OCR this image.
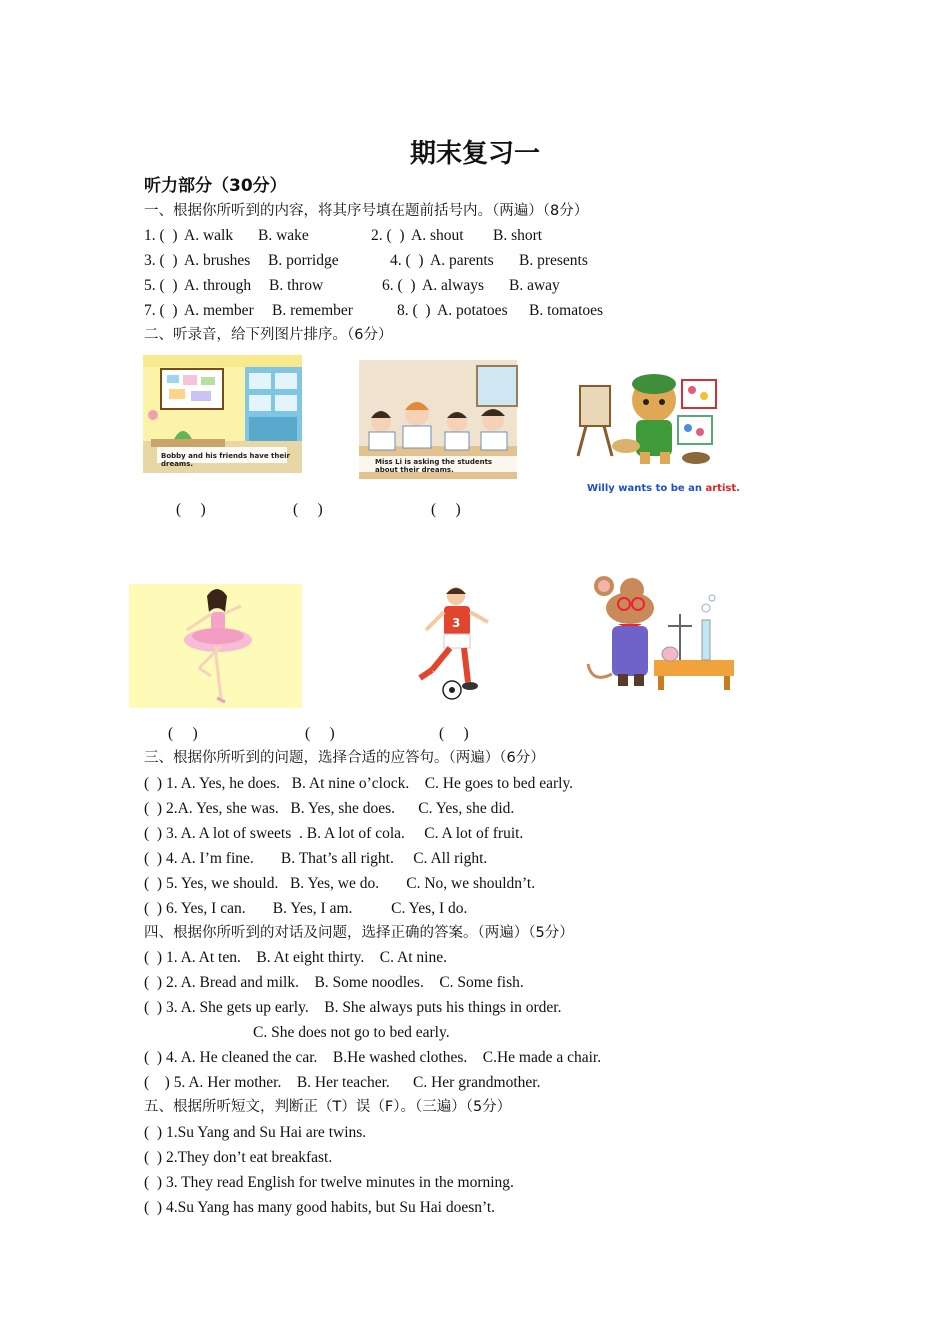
期末复习一
听力部分（30分）
一、根据你所听到的内容，将其序号填在题前括号内。（两遍）（8分）
1. (  ) A. walk B. wake	2. (  ) A. shout B. short
3. (  ) A. brushes B. porridge	4. (  ) A. parents B. presents
5. (  ) A. through B. throw	6. (  ) A. always B. away
7. (  ) A. member B. remember	8. (  ) A. potatoes B. tomatoes
二、听录音，给下列图片排序。（6分）
Bobby and his friends have their dreams.	Miss Li is asking the students about their dreams.

Willy wants to be an artist.

(     )	(     )	(     )
3
(     )	(     )	(     )
三、根据你所听到的问题，选择合适的应答句。（两遍）（6分）
(  ) 1. A. Yes, he does.   B. At nine o’clock.    C. He goes to bed early.
(  ) 2.A. Yes, she was.   B. Yes, she does.      C. Yes, she did.
(  ) 3. A. A lot of sweets  . B. A lot of cola.     C. A lot of fruit.
(  ) 4. A. I’m fine.       B. That’s all right.     C. All right.
(  ) 5. Yes, we should.   B. Yes, we do.       C. No, we shouldn’t.
(  ) 6. Yes, I can.       B. Yes, I am.          C. Yes, I do.
四、根据你所听到的对话及问题，选择正确的答案。（两遍）（5分）
(  ) 1. A. At ten.    B. At eight thirty.    C. At nine.
(  ) 2. A. Bread and milk.    B. Some noodles.    C. Some fish.
(  ) 3. A. She gets up early.    B. She always puts his things in order.
C. She does not go to bed early.
(  ) 4. A. He cleaned the car.    B.He washed clothes.    C.He made a chair.
(    ) 5. A. Her mother.    B. Her teacher.      C. Her grandmother.
五、根据所听短文，判断正（T）误（F）。（三遍）（5分）
(  ) 1.Su Yang and Su Hai are twins.
(  ) 2.They don’t eat breakfast.
(  ) 3. They read English for twelve minutes in the morning.
(  ) 4.Su Yang has many good habits, but Su Hai doesn’t.
